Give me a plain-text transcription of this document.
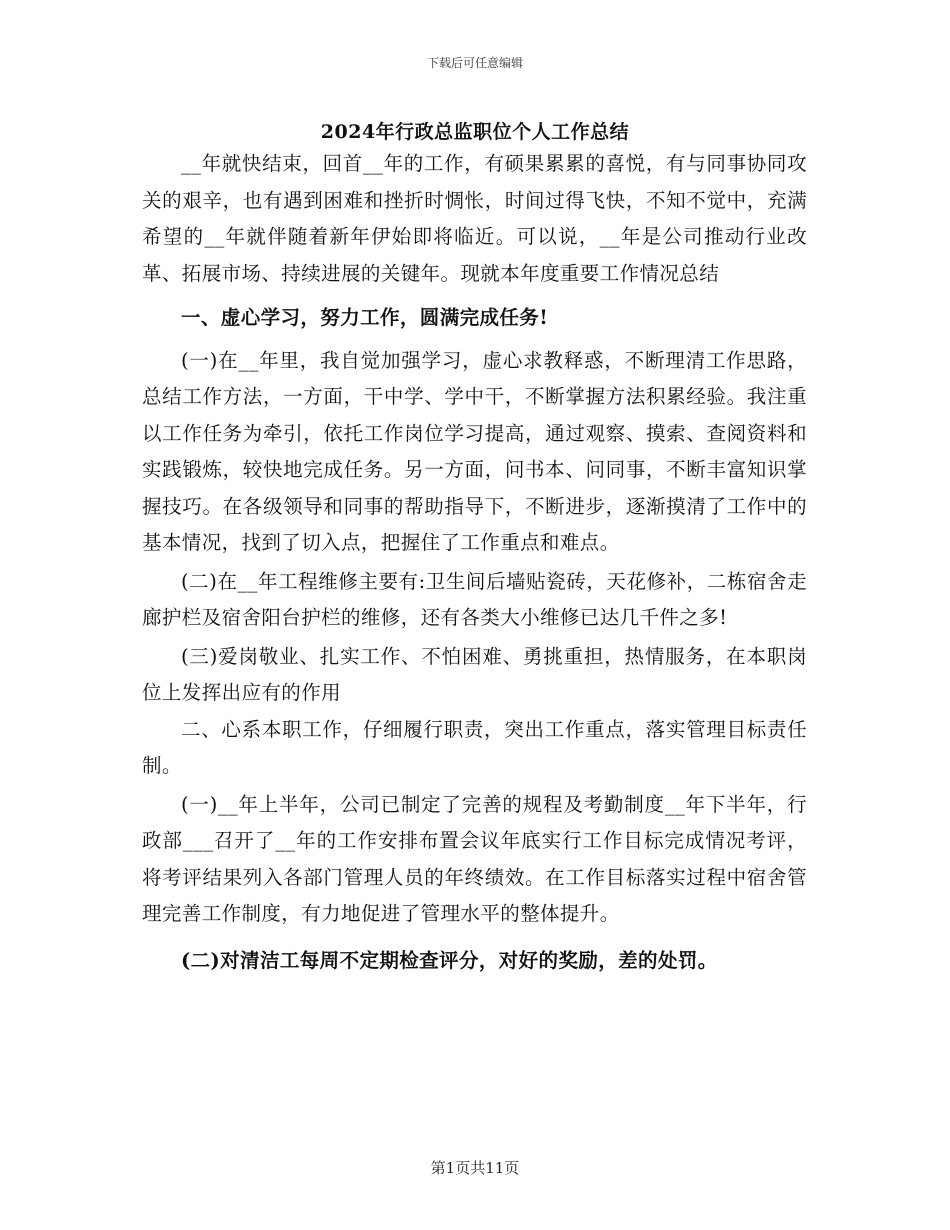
下载后可任意编辑
2024年行政总监职位个人工作总结

__年就快结束，回首__年的工作，有硕果累累的喜悦，有与同事协同攻关的艰辛，也有遇到困难和挫折时惆怅，时间过得飞快，不知不觉中，充满希望的__年就伴随着新年伊始即将临近。可以说，__年是公司推动行业改革、拓展市场、持续进展的关键年。现就本年度重要工作情况总结

一、虚心学习，努力工作，圆满完成任务!

(一)在__年里，我自觉加强学习，虚心求教释惑，不断理清工作思路，总结工作方法，一方面，干中学、学中干，不断掌握方法积累经验。我注重以工作任务为牵引，依托工作岗位学习提高，通过观察、摸索、查阅资料和实践锻炼，较快地完成任务。另一方面，问书本、问同事，不断丰富知识掌握技巧。在各级领导和同事的帮助指导下，不断进步，逐渐摸清了工作中的基本情况，找到了切入点，把握住了工作重点和难点。

(二)在__年工程维修主要有:卫生间后墙贴瓷砖，天花修补，二栋宿舍走廊护栏及宿舍阳台护栏的维修，还有各类大小维修已达几千件之多!

(三)爱岗敬业、扎实工作、不怕困难、勇挑重担，热情服务，在本职岗位上发挥出应有的作用

二、心系本职工作，仔细履行职责，突出工作重点，落实管理目标责任制。

(一)__年上半年，公司已制定了完善的规程及考勤制度__年下半年，行政部___召开了__年的工作安排布置会议年底实行工作目标完成情况考评，将考评结果列入各部门管理人员的年终绩效。在工作目标落实过程中宿舍管理完善工作制度，有力地促进了管理水平的整体提升。

(二)对清洁工每周不定期检查评分，对好的奖励，差的处罚。

第1页共11页
